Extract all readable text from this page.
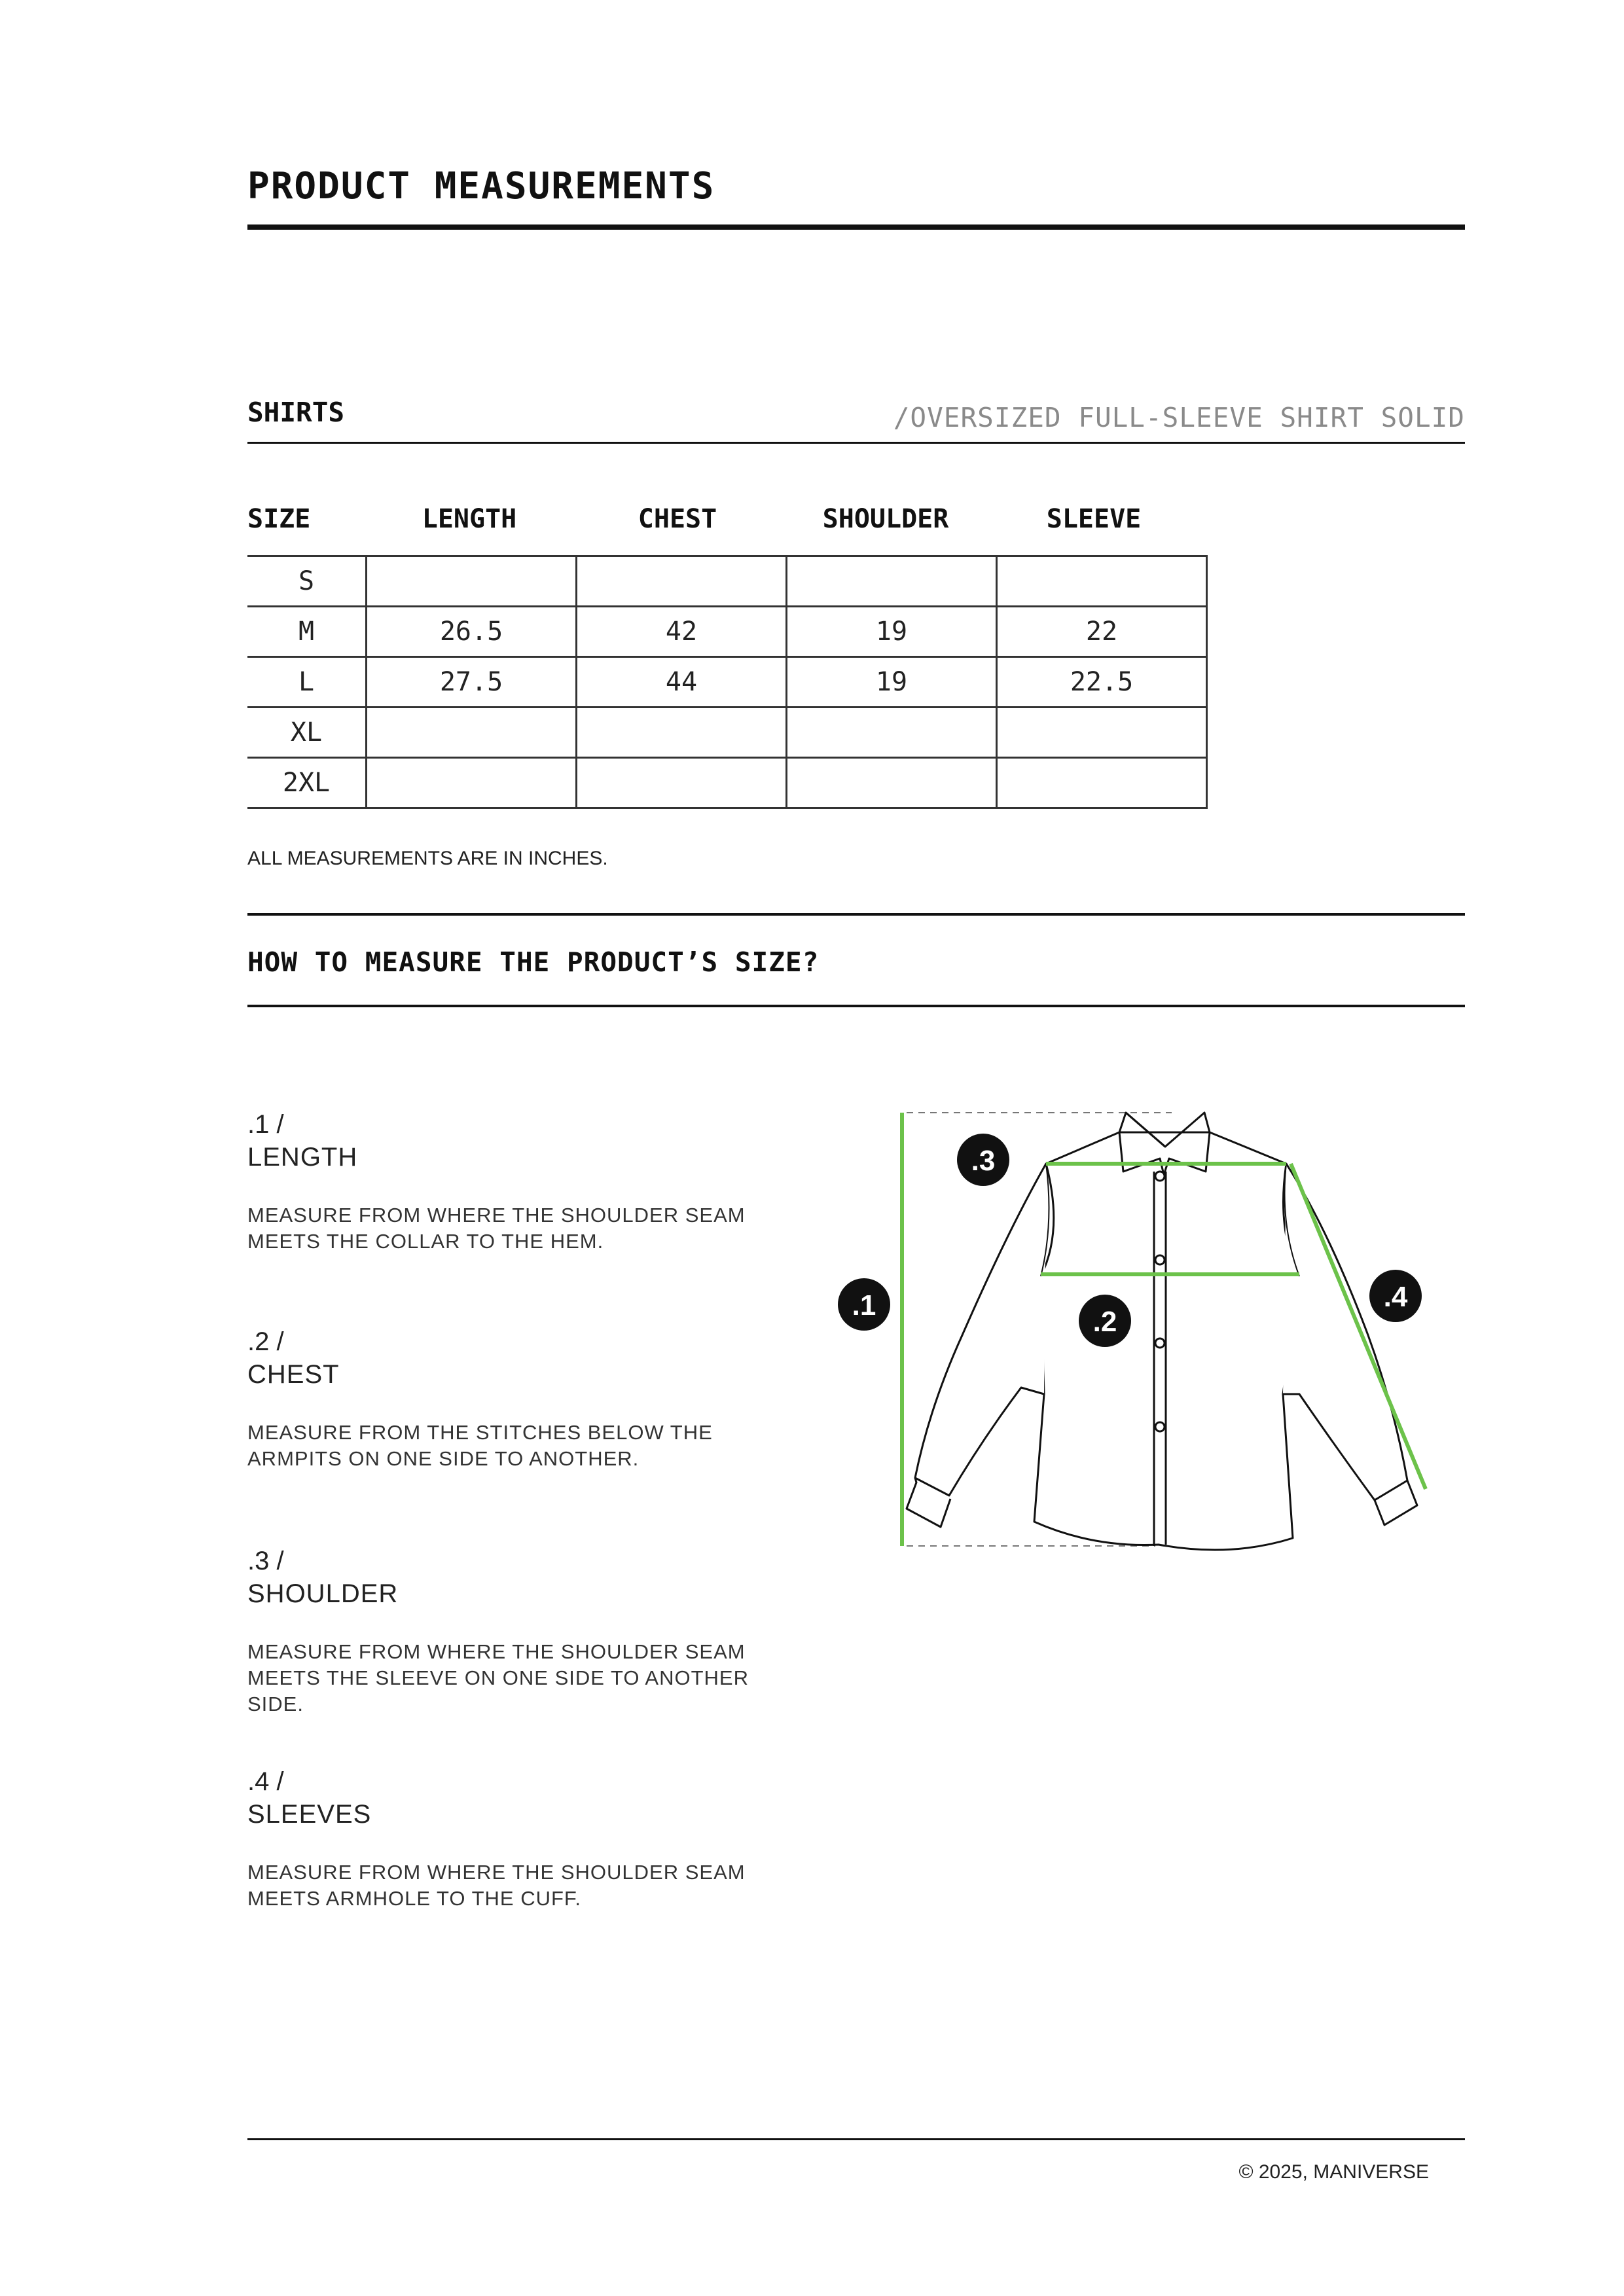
PRODUCT MEASUREMENTS
SHIRTS	/OVERSIZED FULL-SLEEVE SHIRT SOLID
SIZE	LENGTH	CHEST	SHOULDER	SLEEVE
S				
M	26.5	42	19	22
L	27.5	44	19	22.5
XL				
2XL				
ALL MEASUREMENTS ARE IN INCHES.
HOW TO MEASURE THE PRODUCT’S SIZE?
.1 /
LENGTH
MEASURE FROM WHERE THE SHOULDER SEAM MEETS THE COLLAR TO THE HEM.
.2 /
CHEST
MEASURE FROM THE STITCHES BELOW THE ARMPITS ON ONE SIDE TO ANOTHER.
.3 /
SHOULDER
MEASURE FROM WHERE THE SHOULDER SEAM MEETS THE SLEEVE ON ONE SIDE TO ANOTHER SIDE.
.4 /
SLEEVES
MEASURE FROM WHERE THE SHOULDER SEAM MEETS ARMHOLE TO THE CUFF.
.1
.2
.3
.4
© 2025, MANIVERSE
